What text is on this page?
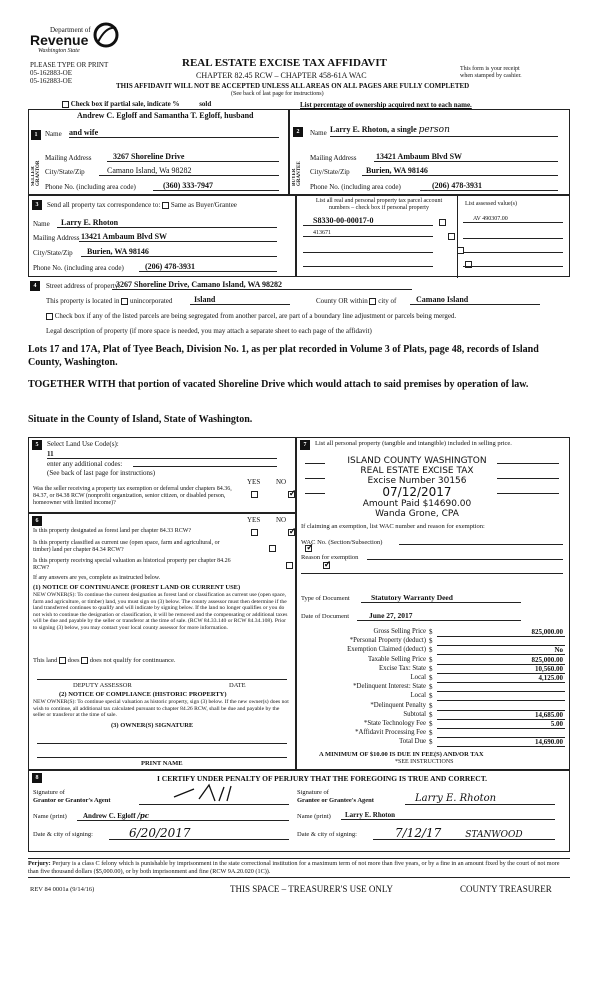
Department of
Revenue
Washington State
PLEASE TYPE OR PRINT
05-162883-OE
05-162883-OE
REAL ESTATE EXCISE TAX AFFIDAVIT
CHAPTER 82.45 RCW – CHAPTER 458-61A WAC
This form is your receipt
when stamped by cashier.
THIS AFFIDAVIT WILL NOT BE ACCEPTED UNLESS ALL AREAS ON ALL PAGES ARE FULLY COMPLETED
(See back of last page for instructions)
Check box if partial sale, indicate %	sold	List percentage of ownership acquired next to each name.
SELLER GRANTOR
Andrew C. Egloff and Samantha T. Egloff, husband
1	Name and wife
Mailing Address	3267 Shoreline Drive
City/State/Zip	Camano Island, Wa 98282
Phone No. (including area code)	(360) 333-7947	BUYER GRANTEE
2	Name Larry E. Rhoton, a single person
Mailing Address 13421 Ambaum Blvd SW
City/State/Zip	Burien, WA 98146
Phone No. (including area code)	(206) 478-3931
3	Send all property tax correspondence to: Same as Buyer/Grantee
Name	Larry E. Rhoton
Mailing Address 13421 Ambaum Blvd SW
City/State/Zip	Burien, WA 98146
Phone No. (including area code)	(206) 478-3931
List all real and personal property tax parcel account
numbers – check box if personal property
List assessed value(s)
S8330-00-00017-0
	AV 490307.00
413671

4	Street address of property:
3267 Shoreline Drive, Camano Island, WA 98282
This property is located in unincorporated	Island	County OR within city of	Camano Island
Check box if any of the listed parcels are being segregated from another parcel, are part of a boundary line adjustment or parcels being merged.
Legal description of property (if more space is needed, you may attach a separate sheet to each page of the affidavit)
Lots 17 and 17A, Plat of Tyee Beach, Division No. 1, as per plat recorded in Volume 3 of Plats, page 48, records of Island County, Washington.
TOGETHER WITH that portion of vacated Shoreline Drive which would attach to said premises by operation of law.
Situate in the County of Island, State of Washington.
5	Select Land Use Code(s):
11
enter any additional codes:
(See back of last page for instructions)
YES NO
Was the seller receiving a property tax exemption or deferral under chapters 84.36, 84.37, or 84.38 RCW (nonprofit organization, senior citizen, or disabled person, homeowner with limited income)?
✓
6	YES NO
Is this property designated as forest land per chapter 84.33 RCW?
✓
Is this property classified as current use (open space, farm and agricultural, or timber) land per chapter 84.34 RCW?
✓
Is this property receiving special valuation as historical property per chapter 84.26 RCW?
✓
If any answers are yes, complete as instructed below.
(1) NOTICE OF CONTINUANCE (FOREST LAND OR CURRENT USE)
NEW OWNER(S): To continue the current designation as forest land or classification as current use (open space, farm and agriculture, or timber) land, you must sign on (3) below. The county assessor must then determine if the land transferred continues to qualify and will indicate by signing below. If the land no longer qualifies or you do not wish to continue the designation or classification, it will be removed and the compensating or additional taxes will be due and payable by the seller or transferor at the time of sale. (RCW 84.33.140 or RCW 84.34.108). Prior to signing (3) below, you may contact your local county assessor for more information.
This land does does not qualify for continuance.
DEPUTY ASSESSOR	DATE
(2) NOTICE OF COMPLIANCE (HISTORIC PROPERTY)
NEW OWNER(S): To continue special valuation as historic property, sign (3) below. If the new owner(s) does not wish to continue, all additional tax calculated pursuant to chapter 84.26 RCW, shall be due and payable by the seller or transferor at the time of sale.
(3) OWNER(S) SIGNATURE
PRINT NAME
7	List all personal property (tangible and intangible) included in selling price.
ISLAND COUNTY WASHINGTON
REAL ESTATE EXCISE TAX
Excise Number 30156
07/12/2017
Amount Paid $14690.00
Wanda Grone, CPA
If claiming an exemption, list WAC number and reason for exemption:
WAC No. (Section/Subsection)
Reason for exemption
Type of Document	Statutory Warranty Deed
Date of Document	June 27, 2017
Gross Selling Price $	825,000.00
*Personal Property (deduct) $
Exemption Claimed (deduct) $	No
Taxable Selling Price $	825,000.00
Excise Tax: State $	10,560.00
Local $	4,125.00
*Delinquent Interest: State $
Local $
*Delinquent Penalty $
Subtotal $	14,685.00
*State Technology Fee $	5.00
*Affidavit Processing Fee $
Total Due $	14,690.00
A MINIMUM OF $10.00 IS DUE IN FEE(S) AND/OR TAX
*SEE INSTRUCTIONS
8	I CERTIFY UNDER PENALTY OF PERJURY THAT THE FOREGOING IS TRUE AND CORRECT.
Signature of
Grantor or Grantor's Agent
Signature of
Grantee or Grantee's Agent	Larry E. Rhoton
Name (print)	Andrew C. Egloff /pc	Name (print)	Larry E. Rhoton
Date & city of signing:	6/20/2017	Date & city of signing:	7/12/17	STANWOOD
Perjury: Perjury is a class C felony which is punishable by imprisonment in the state correctional institution for a maximum term of not more than five years, or by a fine in an amount fixed by the court of not more than five thousand dollars ($5,000.00), or by both imprisonment and fine (RCW 9A.20.020 (1C)).
REV 84 0001a (9/14/16)	THIS SPACE – TREASURER'S USE ONLY	COUNTY TREASURER
